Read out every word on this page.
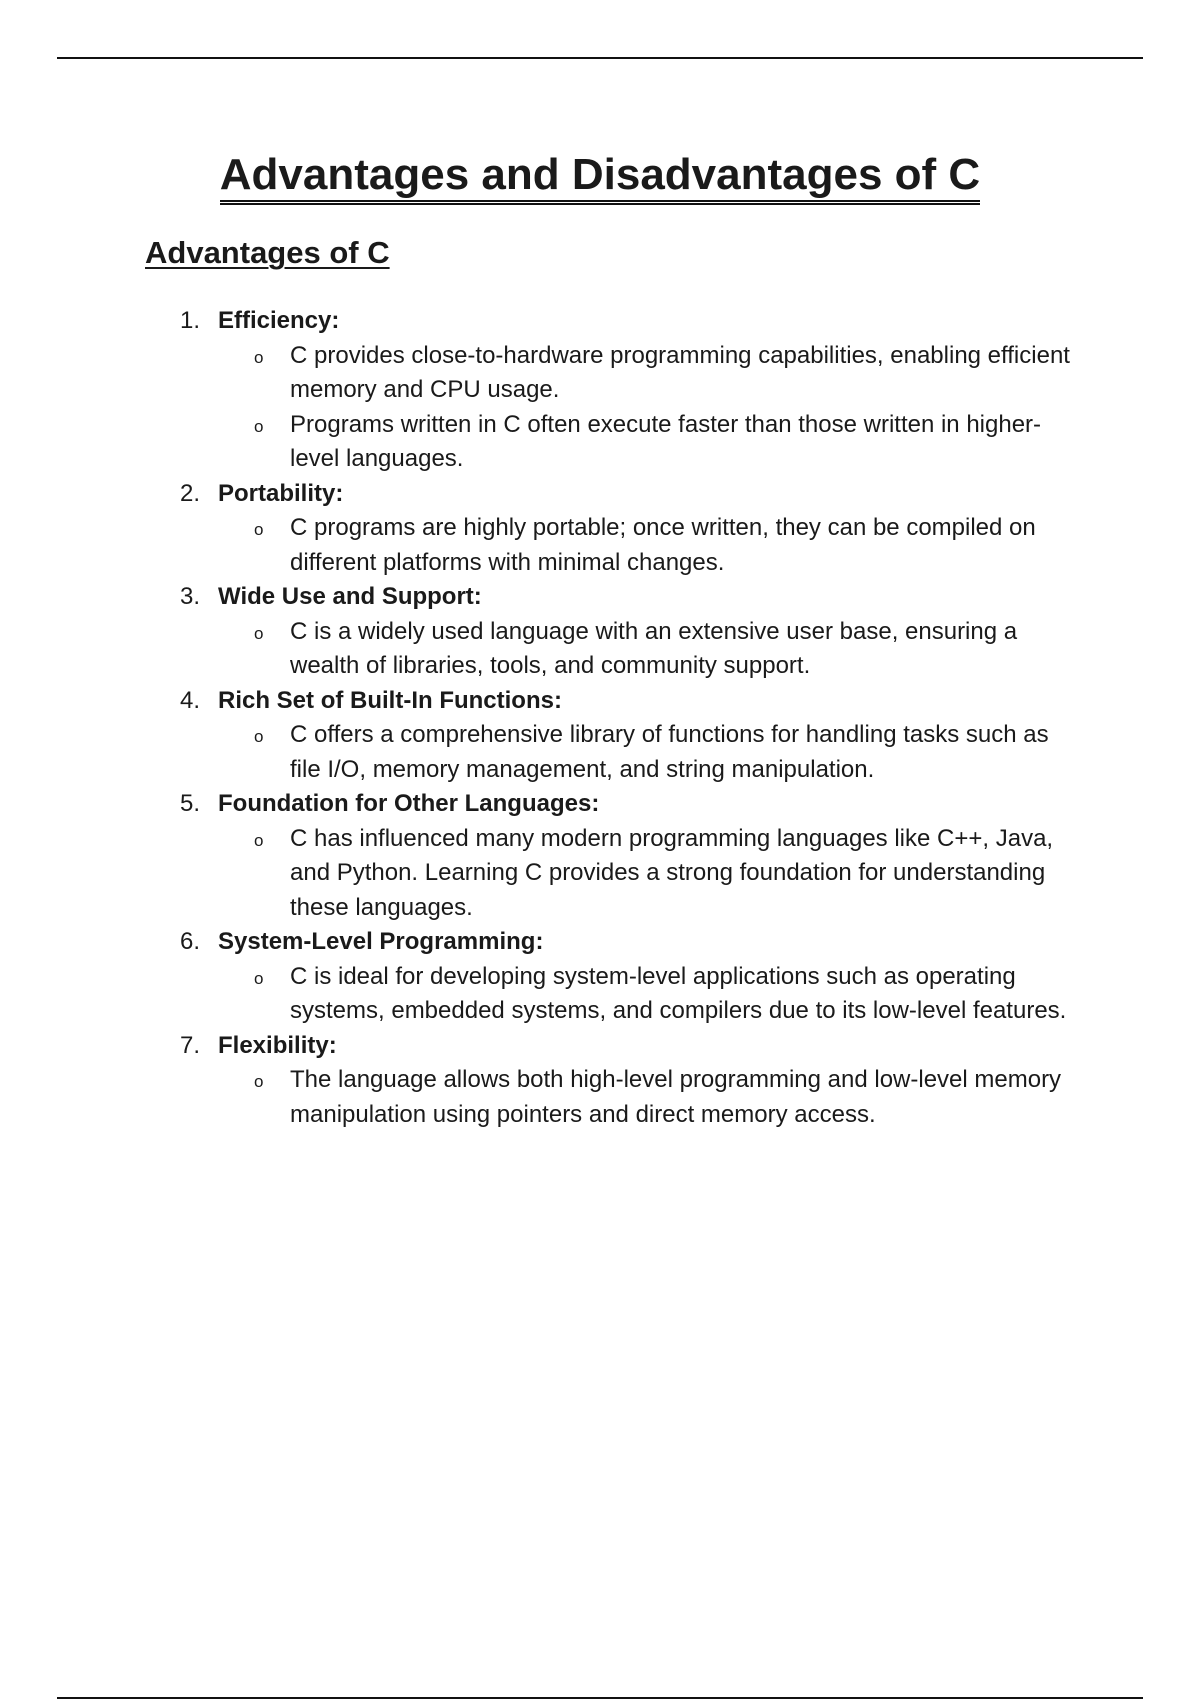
Advantages and Disadvantages of C
Advantages of C
1. Efficiency:
o C provides close-to-hardware programming capabilities, enabling efficient memory and CPU usage.
o Programs written in C often execute faster than those written in higher-level languages.
2. Portability:
o C programs are highly portable; once written, they can be compiled on different platforms with minimal changes.
3. Wide Use and Support:
o C is a widely used language with an extensive user base, ensuring a wealth of libraries, tools, and community support.
4. Rich Set of Built-In Functions:
o C offers a comprehensive library of functions for handling tasks such as file I/O, memory management, and string manipulation.
5. Foundation for Other Languages:
o C has influenced many modern programming languages like C++, Java, and Python. Learning C provides a strong foundation for understanding these languages.
6. System-Level Programming:
o C is ideal for developing system-level applications such as operating systems, embedded systems, and compilers due to its low-level features.
7. Flexibility:
o The language allows both high-level programming and low-level memory manipulation using pointers and direct memory access.
